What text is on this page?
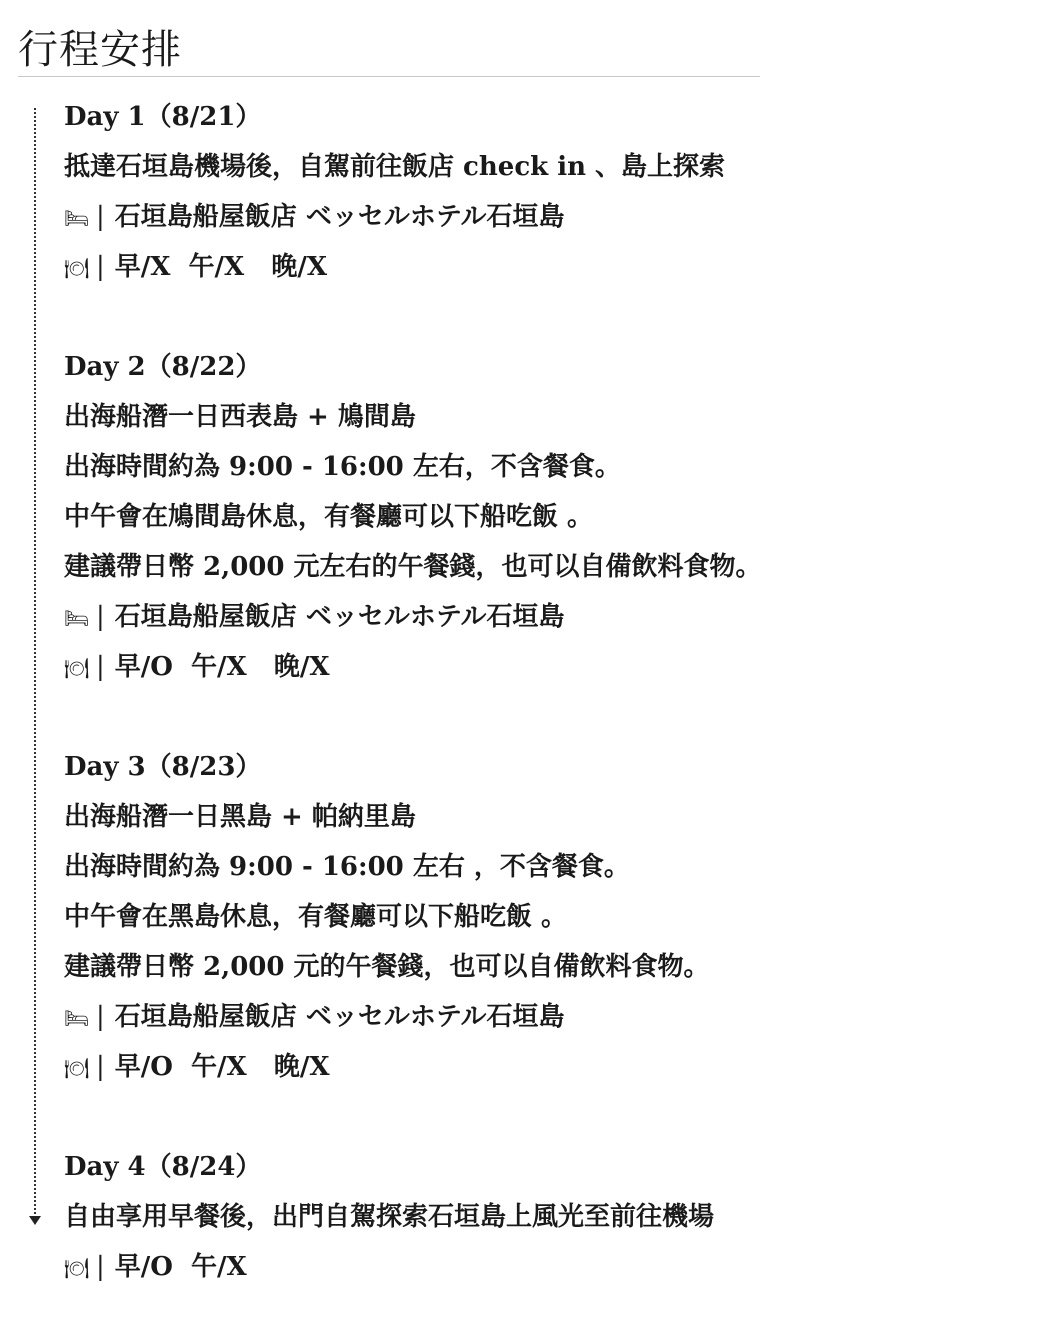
行程安排
Day 1（8/21）
抵達石垣島機場後，自駕前往飯店 check in 、島上探索
🛏 | 石垣島船屋飯店 ベッセルホテル石垣島
🍽 | 早/X  午/X   晚/X
Day 2（8/22）
出海船潛一日西表島 + 鳩間島
出海時間約為 9:00 - 16:00 左右，不含餐食。
中午會在鳩間島休息，有餐廳可以下船吃飯 。
建議帶日幣 2,000 元左右的午餐錢，也可以自備飲料食物。
🛏 | 石垣島船屋飯店 ベッセルホテル石垣島
🍽 | 早/O  午/X   晚/X
Day 3（8/23）
出海船潛一日黑島 + 帕納里島
出海時間約為 9:00 - 16:00 左右 ，不含餐食。
中午會在黑島休息，有餐廳可以下船吃飯 。
建議帶日幣 2,000 元的午餐錢，也可以自備飲料食物。
🛏 | 石垣島船屋飯店 ベッセルホテル石垣島
🍽 | 早/O  午/X   晚/X
Day 4（8/24）
自由享用早餐後，出門自駕探索石垣島上風光至前往機場
🍽 | 早/O  午/X
